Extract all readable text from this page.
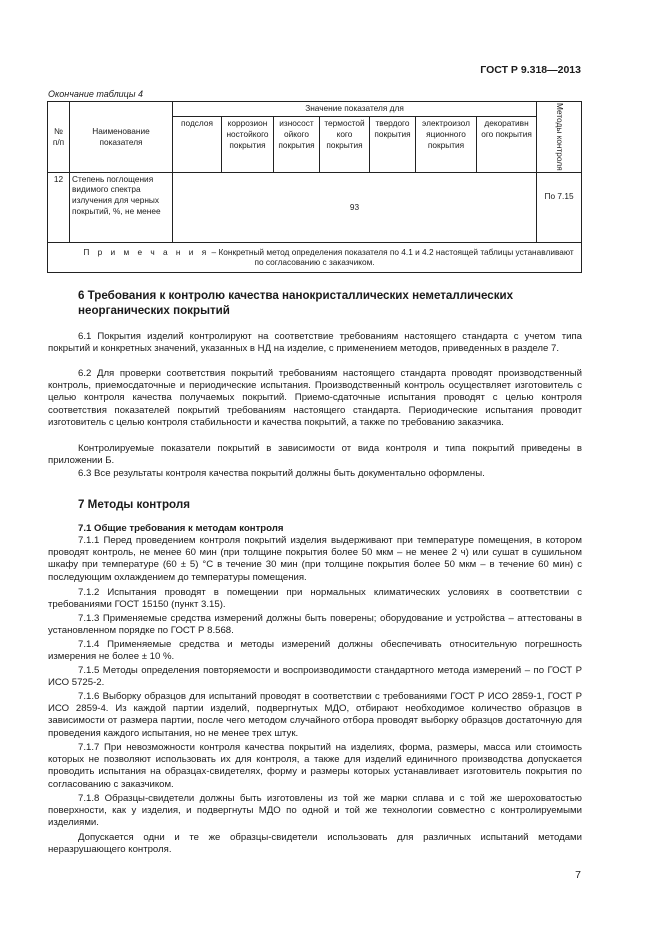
ГОСТ Р 9.318—2013
Окончание таблицы 4
№ п/п	Наименование показателя	Значение показателя для							Методы контроля

		подслоя	коррозион ностойкого покрытия	износост ойкого покрытия	термостой кого покрытия	твердого покрытия	электроизол яционного покрытия	декоративн ого покрытия	
12	Степень поглощения видимого спектра излучения для черных покрытий, %, не менее	93							По 7.15
П р и м е ч а н и я – Конкретный метод определения показателя по 4.1 и 4.2 настоящей таблицы устанавливают по согласованию с заказчиком.									
6 Требования к контролю качества нанокристаллических неметаллических неорганических покрытий

6.1 Покрытия изделий контролируют на соответствие требованиям настоящего стандарта с учетом типа покрытий и конкретных значений, указанных в НД на изделие, с применением методов, приведенных в разделе 7.

6.2 Для проверки соответствия покрытий требованиям настоящего стандарта проводят производственный контроль, приемосдаточные и периодические испытания. Производственный контроль осуществляет изготовитель с целью контроля качества получаемых покрытий. Приемо-сдаточные испытания проводят с целью контроля соответствия показателей покрытий требованиям настоящего стандарта. Периодические испытания проводит изготовитель с целью контроля стабильности и качества покрытий, а также по требованию заказчика.

Контролируемые показатели покрытий в зависимости от вида контроля и типа покрытий приведены в приложении Б.

6.3 Все результаты контроля качества покрытий должны быть документально оформлены.

7 Методы контроля
7.1 Общие требования к методам контроля

7.1.1 Перед проведением контроля покрытий изделия выдерживают при температуре помещения, в котором проводят контроль, не менее 60 мин (при толщине покрытия более 50 мкм – не менее 2 ч) или сушат в сушильном шкафу при температуре (60 ± 5) °С в течение 30 мин (при толщине покрытия более 50 мкм – в течение 60 мин) с последующим охлаждением до температуры помещения.

7.1.2 Испытания проводят в помещении при нормальных климатических условиях в соответствии с требованиями ГОСТ 15150 (пункт 3.15).

7.1.3 Применяемые средства измерений должны быть поверены; оборудование и устройства – аттестованы в установленном порядке по ГОСТ Р 8.568.

7.1.4 Применяемые средства и методы измерений должны обеспечивать относительную погрешность измерения не более ± 10 %.

7.1.5 Методы определения повторяемости и воспроизводимости стандартного метода измерений – по ГОСТ Р ИСО 5725-2.

7.1.6 Выборку образцов для испытаний проводят в соответствии с требованиями ГОСТ Р ИСО 2859-1, ГОСТ Р ИСО 2859-4. Из каждой партии изделий, подвергнутых МДО, отбирают необходимое количество образцов в зависимости от размера партии, после чего методом случайного отбора проводят выборку образцов достаточную для проведения каждого испытания, но не менее трех штук.

7.1.7 При невозможности контроля качества покрытий на изделиях, форма, размеры, масса или стоимость которых не позволяют использовать их для контроля, а также для изделий единичного производства допускается проводить испытания на образцах-свидетелях, форму и размеры которых устанавливает изготовитель покрытия по согласованию с заказчиком.

7.1.8 Образцы-свидетели должны быть изготовлены из той же марки сплава и с той же шероховатостью поверхности, как у изделия, и подвергнуты МДО по одной и той же технологии совместно с контролируемыми изделиями.

Допускается одни и те же образцы-свидетели использовать для различных испытаний методами неразрушающего контроля.

7
